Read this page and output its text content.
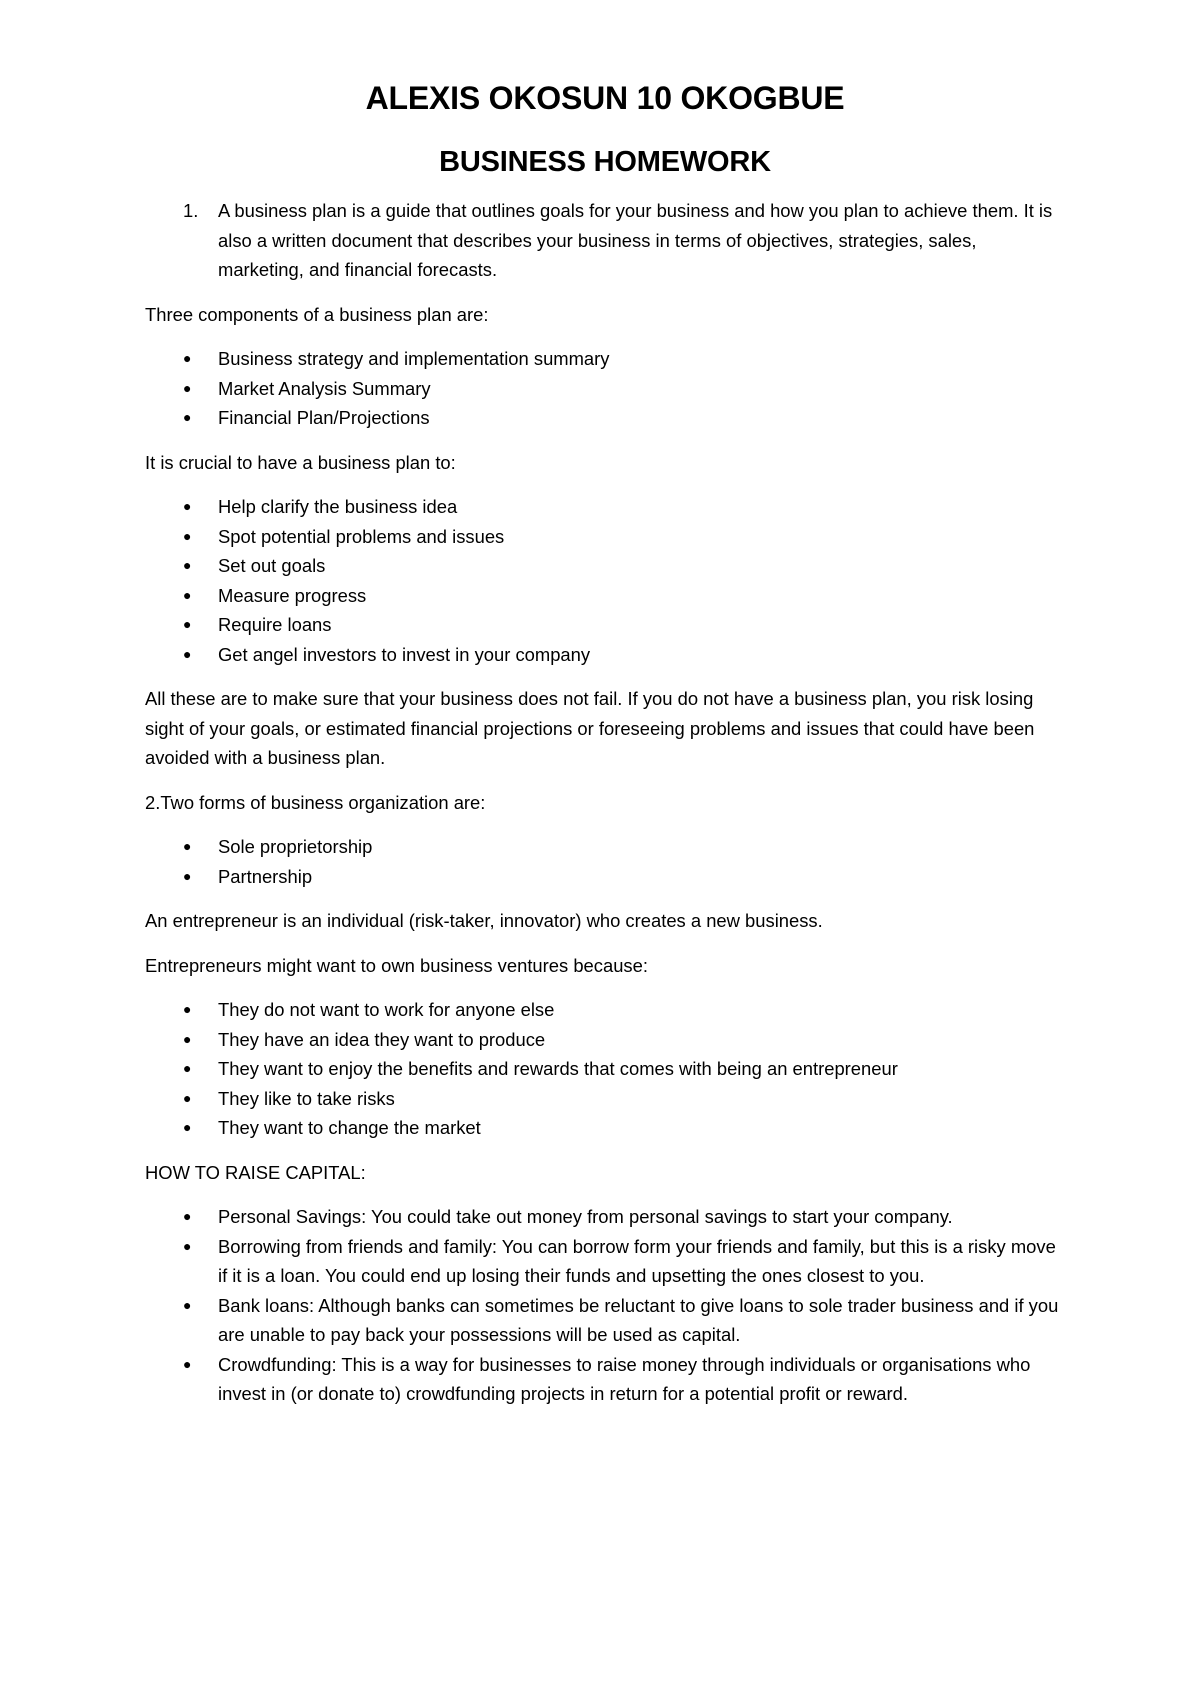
ALEXIS OKOSUN 10 OKOGBUE
BUSINESS HOMEWORK
1. A business plan is a guide that outlines goals for your business and how you plan to achieve them. It is also a written document that describes your business in terms of objectives, strategies, sales, marketing, and financial forecasts.

Three components of a business plan are:

● Business strategy and implementation summary
● Market Analysis Summary
● Financial Plan/Projections

It is crucial to have a business plan to:

● Help clarify the business idea
● Spot potential problems and issues
● Set out goals
● Measure progress
● Require loans
● Get angel investors to invest in your company

All these are to make sure that your business does not fail. If you do not have a business plan, you risk losing sight of your goals, or estimated financial projections or foreseeing problems and issues that could have been avoided with a business plan.

2.Two forms of business organization are:

● Sole proprietorship
● Partnership

An entrepreneur is an individual (risk-taker, innovator) who creates a new business.

Entrepreneurs might want to own business ventures because:

● They do not want to work for anyone else
● They have an idea they want to produce
● They want to enjoy the benefits and rewards that comes with being an entrepreneur
● They like to take risks
● They want to change the market

HOW TO RAISE CAPITAL:

● Personal Savings: You could take out money from personal savings to start your company.
● Borrowing from friends and family: You can borrow form your friends and family, but this is a risky move if it is a loan. You could end up losing their funds and upsetting the ones closest to you.
● Bank loans: Although banks can sometimes be reluctant to give loans to sole trader business and if you are unable to pay back your possessions will be used as capital.
● Crowdfunding: This is a way for businesses to raise money through individuals or organisations who invest in (or donate to) crowdfunding projects in return for a potential profit or reward.
